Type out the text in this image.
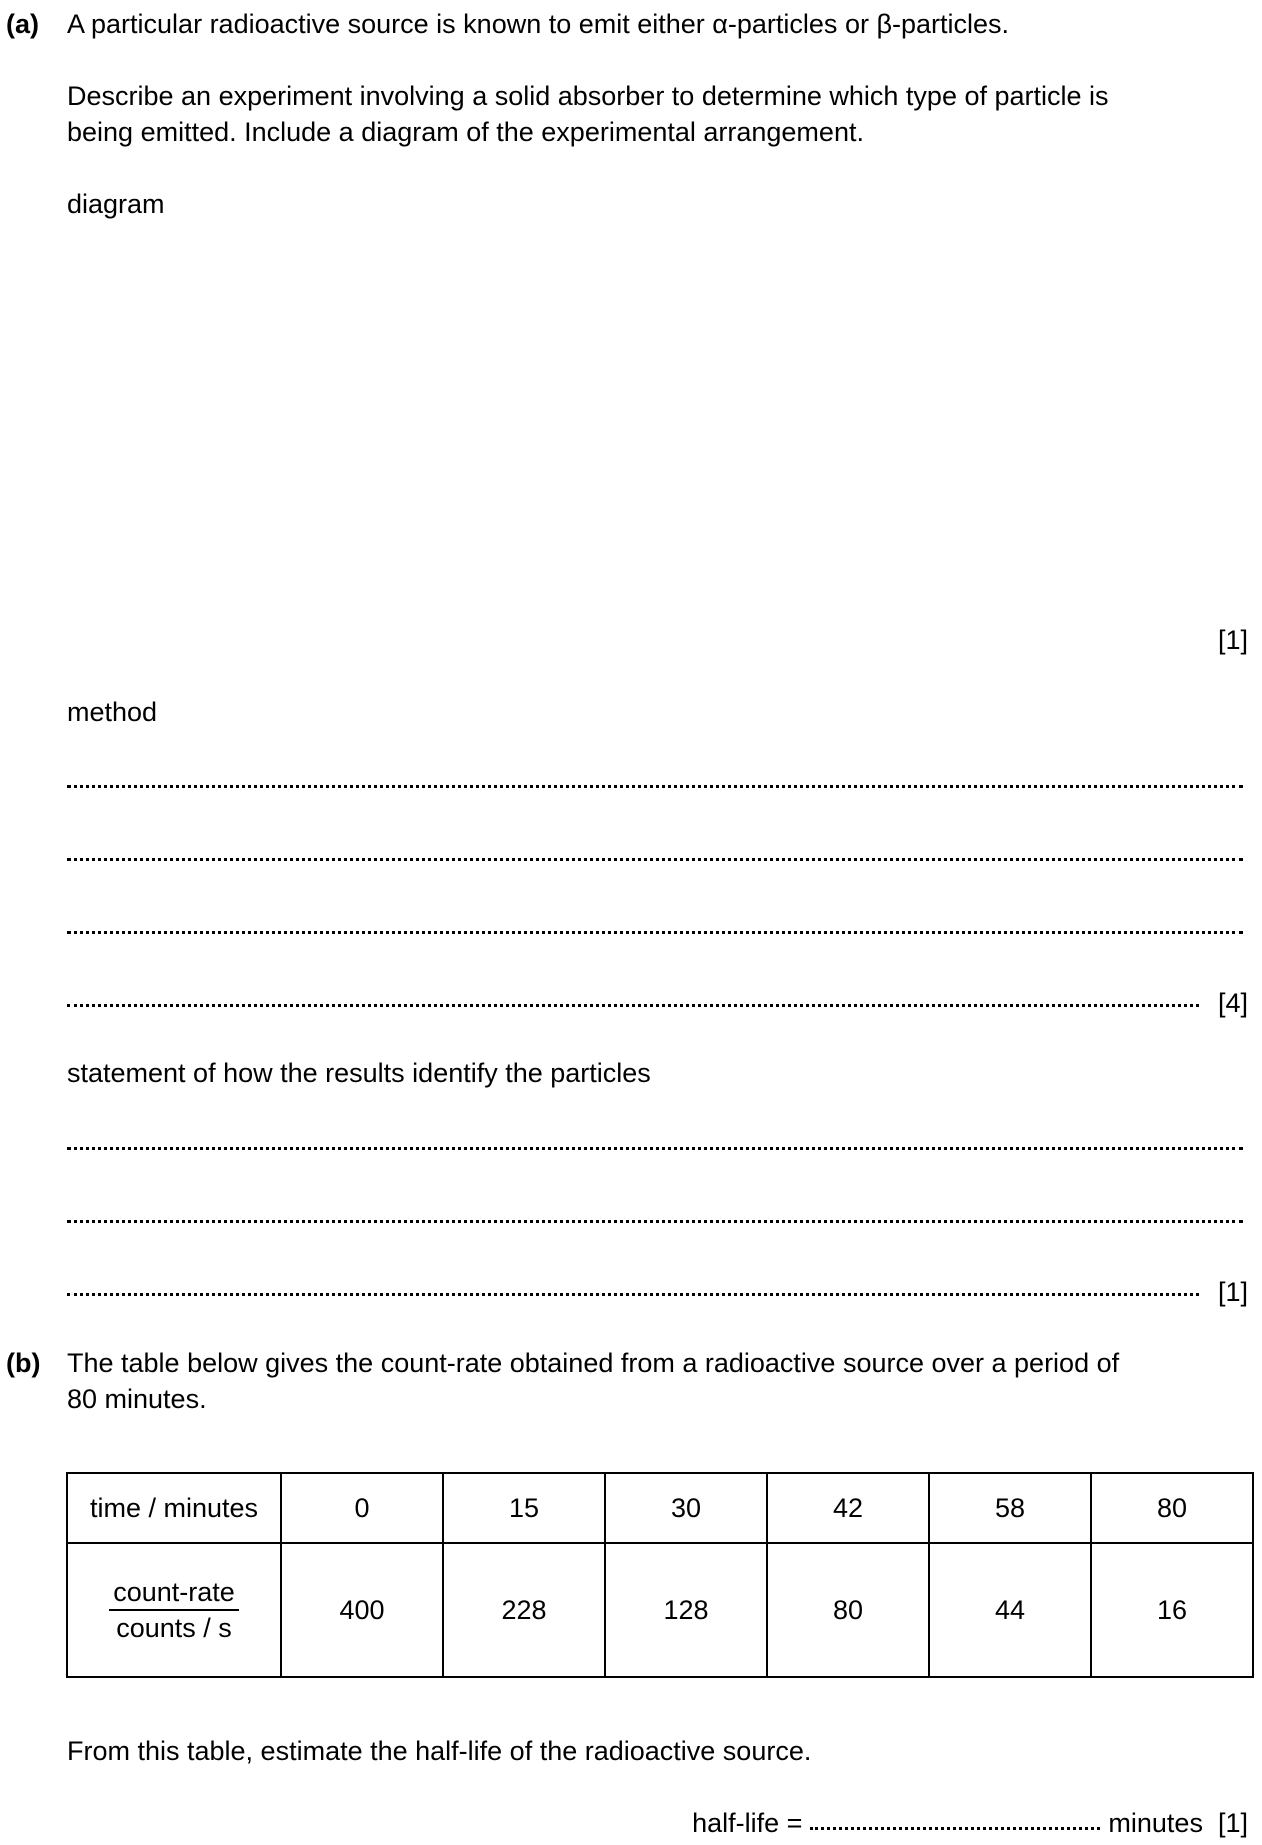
(a) A particular radioactive source is known to emit either α-particles or β-particles.
Describe an experiment involving a solid absorber to determine which type of particle is
being emitted. Include a diagram of the experimental arrangement.
diagram
[1]
method
[4]
statement of how the results identify the particles
[1]
(b) The table below gives the count-rate obtained from a radioactive source over a period of
80 minutes.
time / minutes	0	15	30	42	58	80
count-rate
counts / s	400	228	128	80	44	16
From this table, estimate the half-life of the radioactive source.
half-life =	minutes [1]
